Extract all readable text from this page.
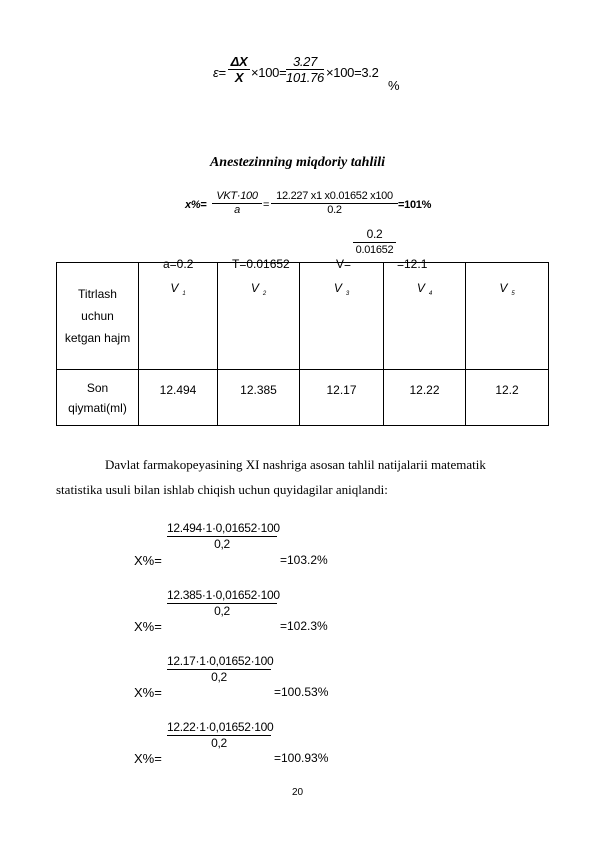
$\varepsilon= \frac{\Delta X}{X} \times 100= \frac{3.27}{101.76} \times 100=3.2$
%
Anestezinning miqdoriy tahlili
x%=
VKT·100
a	= $\frac{12.227 x1 x0.01652 x100}{0.2} =101\%$
a=0.2	T=0.01652	V=
$\frac{0.2}{0.01652}$
=12.1
Titrlash
uchun
ketgan hajm	V $_1$	V $_2$	V $_3$	V $_4$	V $_5$

Son
qiymati(ml)	12.494	12.385	12.17	12.22	12.2
Davlat farmakopeyasining XI nashriga asosan tahlil natijalarii matematik
statistika usuli bilan ishlab chiqish uchun quyidagilar aniqlandi:
$\frac{12.494\cdot 1\cdot 0,01652\cdot 100}{0,2}$
X%=	=103.2%
$\frac{12.385\cdot 1\cdot 0,01652\cdot 100}{0,2}$
X%=	=102.3%
$\frac{12.17\cdot 1\cdot 0,01652\cdot 100}{0,2}$
X%=	=100.53%
$\frac{12.22\cdot 1\cdot 0,01652\cdot 100}{0,2}$
X%=	=100.93%
20
